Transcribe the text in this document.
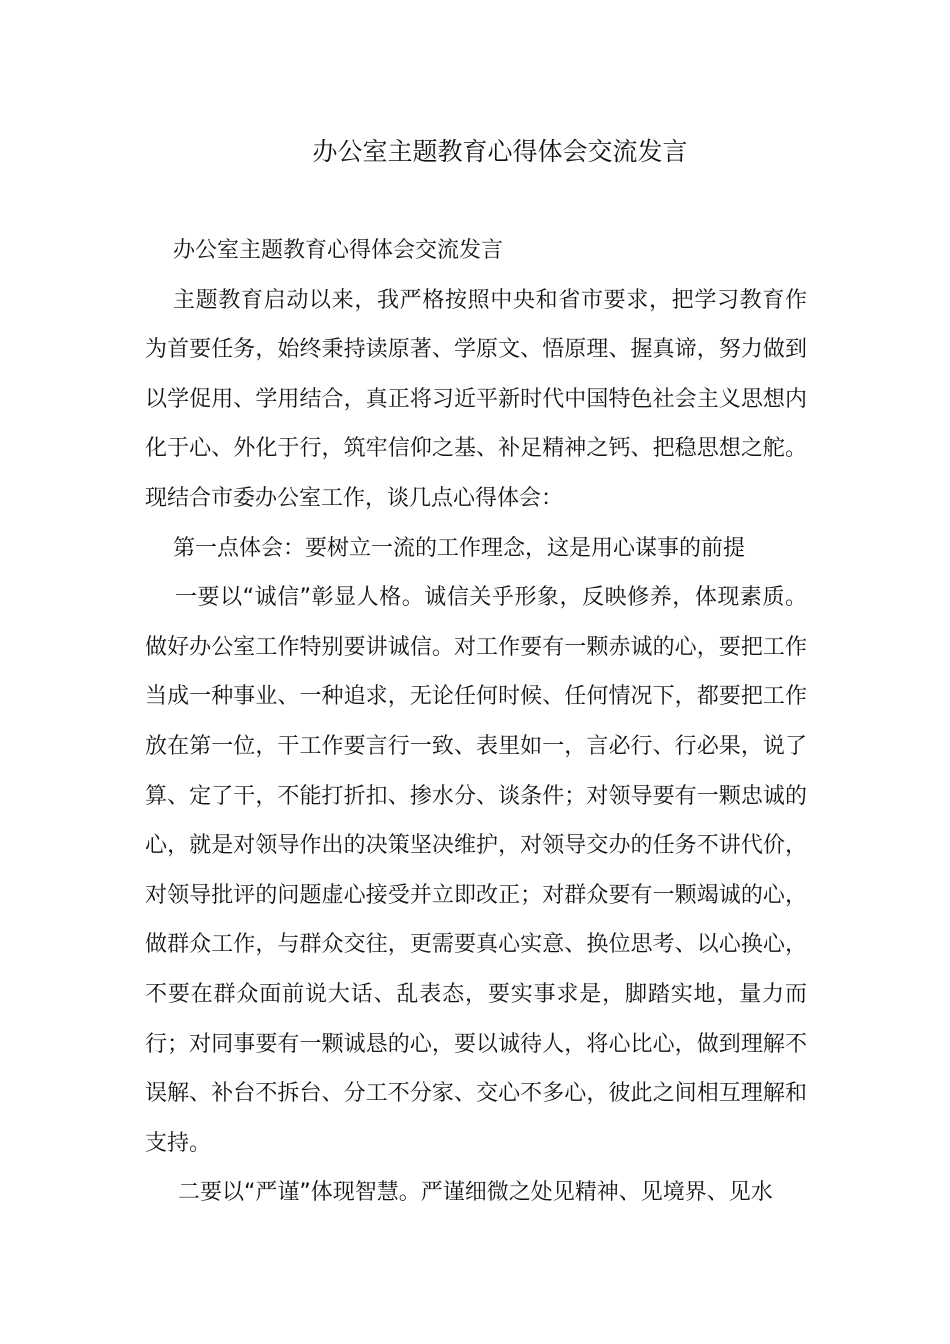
办公室主题教育心得体会交流发言

办公室主题教育心得体会交流发言

主题教育启动以来，我严格按照中央和省市要求，把学习教育作为首要任务，始终秉持读原著、学原文、悟原理、握真谛，努力做到以学促用、学用结合，真正将习近平新时代中国特色社会主义思想内化于心、外化于行，筑牢信仰之基、补足精神之钙、把稳思想之舵。现结合市委办公室工作，谈几点心得体会：

第一点体会：要树立一流的工作理念，这是用心谋事的前提

一要以“诚信”彰显人格。诚信关乎形象，反映修养，体现素质。做好办公室工作特别要讲诚信。对工作要有一颗赤诚的心，要把工作当成一种事业、一种追求，无论任何时候、任何情况下，都要把工作放在第一位，干工作要言行一致、表里如一，言必行、行必果，说了算、定了干，不能打折扣、掺水分、谈条件；对领导要有一颗忠诚的心，就是对领导作出的决策坚决维护，对领导交办的任务不讲代价，对领导批评的问题虚心接受并立即改正；对群众要有一颗竭诚的心，做群众工作，与群众交往，更需要真心实意、换位思考、以心换心，不要在群众面前说大话、乱表态，要实事求是，脚踏实地，量力而行；对同事要有一颗诚恳的心，要以诚待人，将心比心，做到理解不误解、补台不拆台、分工不分家、交心不多心，彼此之间相互理解和支持。

二要以“严谨”体现智慧。严谨细微之处见精神、见境界、见水
